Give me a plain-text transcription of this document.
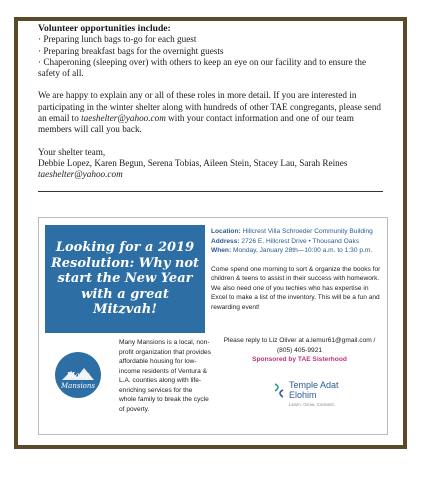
Volunteer opportunities include:
· Preparing lunch bags to-go for each guest
· Preparing breakfast bags for the overnight guests
· Chaperoning (sleeping over) with others to keep an eye on our facility and to ensure the safety of all.
We are happy to explain any or all of these roles in more detail. If you are interested in participating in the winter shelter along with hundreds of other TAE congregants, please send an email to taeshelter@yahoo.com with your contact information and one of our team members will call you back.
Your shelter team,
Debbie Lopez, Karen Begun, Serena Tobias, Aileen Stein, Stacey Lau, Sarah Reines
taeshelter@yahoo.com
Looking for a 2019 Resolution: Why not start the New Year with a great Mitzvah!
Location: Hillcrest Villa Schroeder Community Building
Address: 2726 E. Hillcrest Drive • Thousand Oaks
When: Monday, January 28th—10:00 a.m. to 1:30 p.m.
Come spend one morning to sort & organize the books for children & teens to assist in their success with homework. We also need one of you techies who has expertise in Excel to make a list of the inventory. This will be a fun and rewarding event!
Please reply to Liz Oliver at a.lemur61@gmail.com / (805) 405-9921
Sponsored by TAE Sisterhood
Many
Mansions
Many Mansions is a local, non-profit organization that provides affordable housing for low-income residents of Ventura & L.A. counties along with life-enriching services for the whole family to break the cycle of poverty.
Temple Adat Elohim
Learn. Grow. Connect.
